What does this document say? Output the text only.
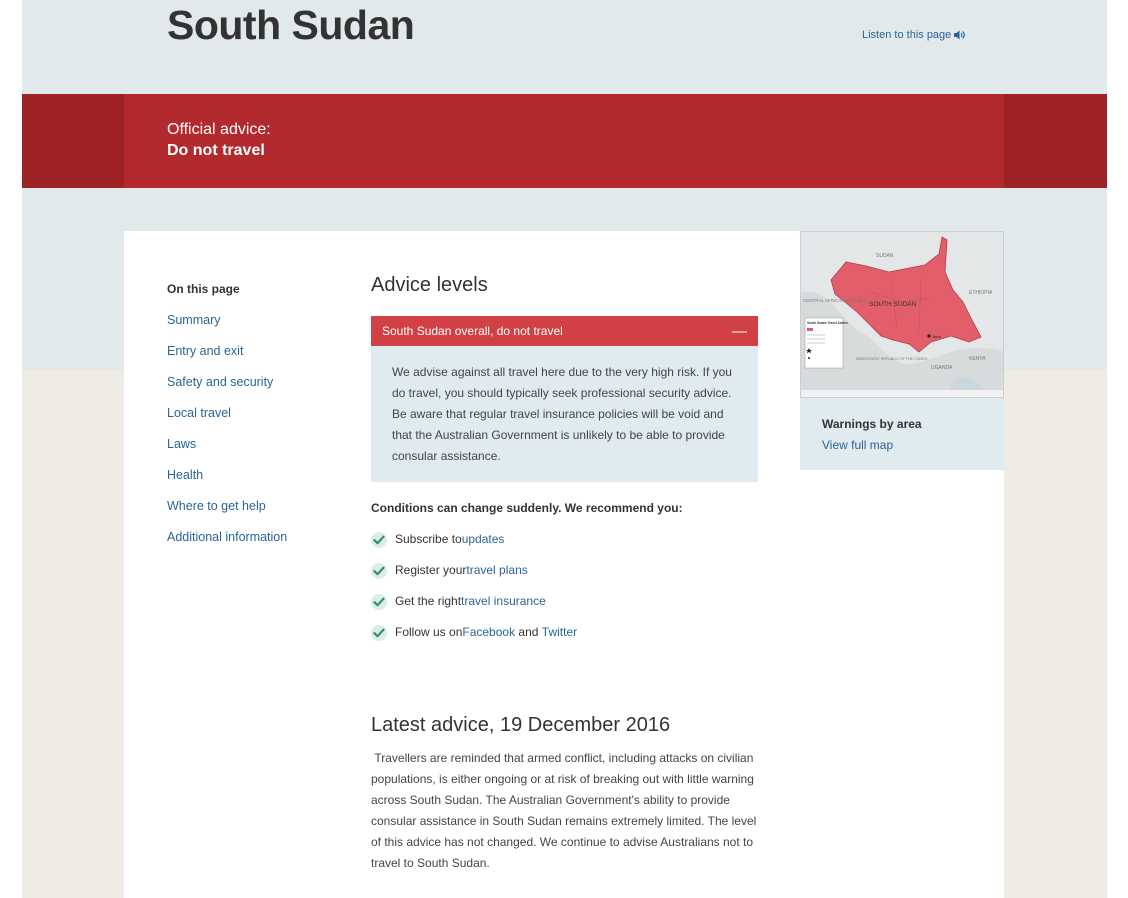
South Sudan	Listen to this page
Official advice:
Do not travel
On this page
Summary
Entry and exit
Safety and security
Local travel
Laws
Health
Where to get help
Additional information
Advice levels
South Sudan overall, do not travel	—
We advise against all travel here due to the very high risk. If you do travel, you should typically seek professional security advice. Be aware that regular travel insurance policies will be void and that the Australian Government is unlikely to be able to provide consular assistance.
Conditions can change suddenly. We recommend you:
Subscribe to updates
Register your travel plans
Get the right travel insurance
Follow us on Facebook and Twitter
Latest advice, 19 December 2016
Travellers are reminded that armed conflict, including attacks on civilian populations, is either ongoing or at risk of breaking out with little warning across South Sudan. The Australian Government's ability to provide consular assistance in South Sudan remains extremely limited. The level of this advice has not changed. We continue to advise Australians not to travel to South Sudan.
CENTRAL AFRICAN REPUBLIC
SUDAN
ETHIOPIA
KENYA
UGANDA
DEMOCRATIC REPUBLIC OF THE CONGO
SOUTH SUDAN
Juba
South Sudan Travel Advice
Warnings by area
View full map
